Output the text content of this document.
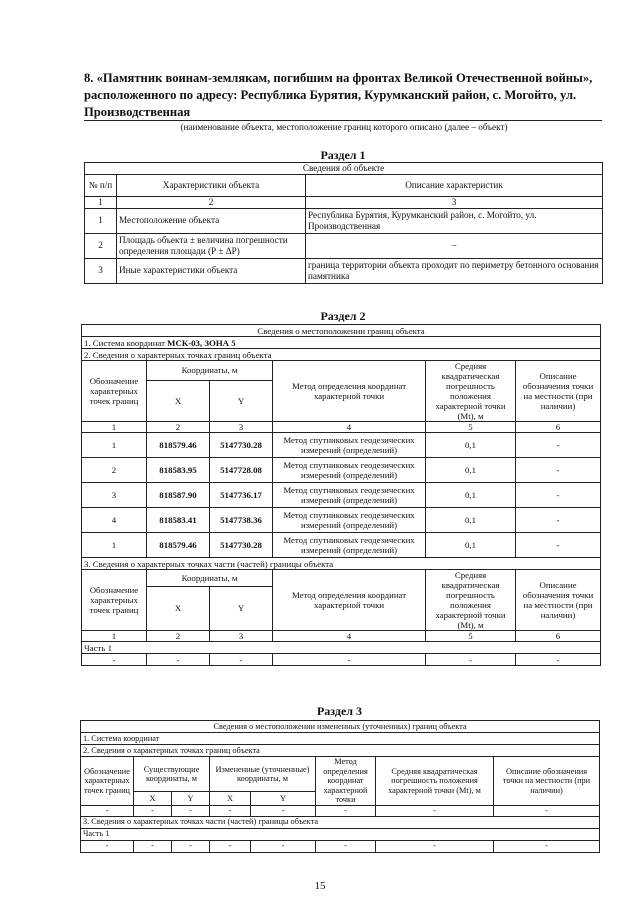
8. «Памятник воинам-землякам, погибшим на фронтах Великой Отечественной войны», расположенного по адресу: Республика Бурятия, Курумканский район, с. Могойто, ул. Производственная
(наименование объекта, местоположение границ которого описано (далее – объект)
Раздел 1
Сведения об объекте		
№ п/п	Характеристики объекта	Описание характеристик
1	2	3
1	Местоположение объекта	Республика Бурятия, Курумканский район, с. Могойто, ул. Производственная
2	Площадь объекта ± величина погрешности определения площади (Р ± ΔР)	–
3	Иные характеристики объекта	граница территории объекта проходит по периметру бетонного основания памятника
Раздел 2
Сведения о местоположении границ объекта					
1. Система координат МСК-03, ЗОНА 5					
2. Сведения о характерных точках границ объекта					
Обозначение характерных точек границ	Координаты, м		Метод определения координат характерной точки	Средняя квадратическая погрешность положения характерной точки (Mt), м	Описание обозначения точки на местности (при наличии)
	X	Y			
1	2	3	4	5	6
1	818579.46	5147730.28	Метод спутниковых геодезических измерений (определений)	0,1	-
2	818583.95	5147728.08	Метод спутниковых геодезических измерений (определений)	0,1	-
3	818587.90	5147736.17	Метод спутниковых геодезических измерений (определений)	0,1	-
4	818583.41	5147738.36	Метод спутниковых геодезических измерений (определений)	0,1	-
1	818579.46	5147730.28	Метод спутниковых геодезических измерений (определений)	0,1	-
3. Сведения о характерных точках части (частей) границы объекта					
Обозначение характерных точек границ	Координаты, м		Метод определения координат характерной точки	Средняя квадратическая погрешность положения характерной точки (Mt), м	Описание обозначения точки на местности (при наличии)
	X	Y			
1	2	3	4	5	6
Часть 1					
-	-	-	-	-	-
Раздел 3
Сведения о местоположении измененных (уточненных) границ объекта							
1. Система координат							
2. Сведения о характерных точках границ объекта							
Обозначение характерных точек границ	Существующие координаты, м		Измененные (уточненные) координаты, м		Метод определения координат характерной точки	Средняя квадратическая погрешность положения характерной точки (Mt), м	Описание обозначения точки на местности (при наличии)
	X	Y	X	Y			
-	-	-	-	-	-	-	-
3. Сведения о характерных точках части (частей) границы объекта							
Часть 1							
-	-	-	-	-	-	-	-
15
